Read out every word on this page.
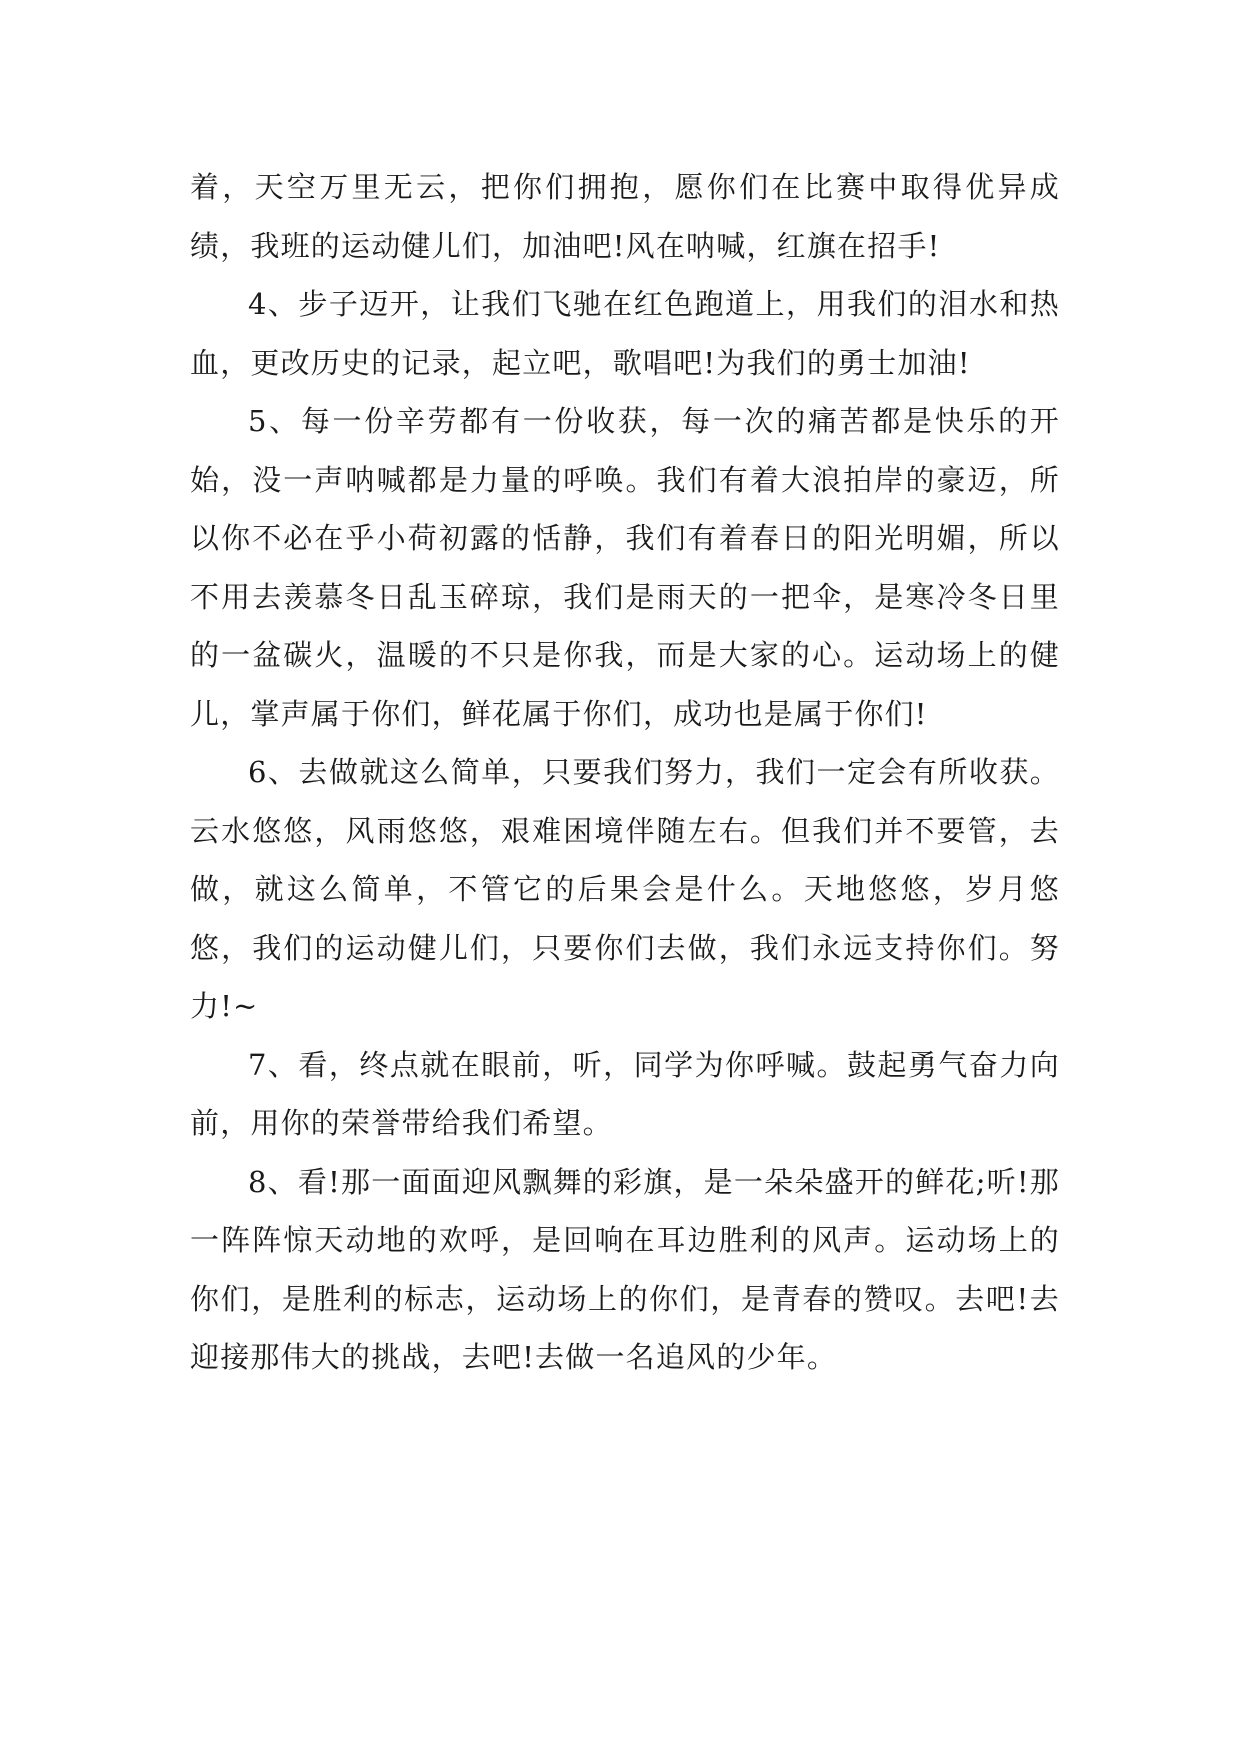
着，天空万里无云，把你们拥抱，愿你们在比赛中取得优异成绩，我班的运动健儿们，加油吧!风在呐喊，红旗在招手!

4、步子迈开，让我们飞驰在红色跑道上，用我们的泪水和热血，更改历史的记录，起立吧，歌唱吧!为我们的勇士加油!

5、每一份辛劳都有一份收获，每一次的痛苦都是快乐的开始，没一声呐喊都是力量的呼唤。我们有着大浪拍岸的豪迈，所以你不必在乎小荷初露的恬静，我们有着春日的阳光明媚，所以不用去羡慕冬日乱玉碎琼，我们是雨天的一把伞，是寒冷冬日里的一盆碳火，温暖的不只是你我，而是大家的心。运动场上的健儿，掌声属于你们，鲜花属于你们，成功也是属于你们!

6、去做就这么简单，只要我们努力，我们一定会有所收获。云水悠悠，风雨悠悠，艰难困境伴随左右。但我们并不要管，去做，就这么简单，不管它的后果会是什么。天地悠悠，岁月悠悠，我们的运动健儿们，只要你们去做，我们永远支持你们。努力!~

7、看，终点就在眼前，听，同学为你呼喊。鼓起勇气奋力向前，用你的荣誉带给我们希望。

8、看!那一面面迎风飘舞的彩旗，是一朵朵盛开的鲜花;听!那一阵阵惊天动地的欢呼，是回响在耳边胜利的风声。运动场上的你们，是胜利的标志，运动场上的你们，是青春的赞叹。去吧!去迎接那伟大的挑战，去吧!去做一名追风的少年。
